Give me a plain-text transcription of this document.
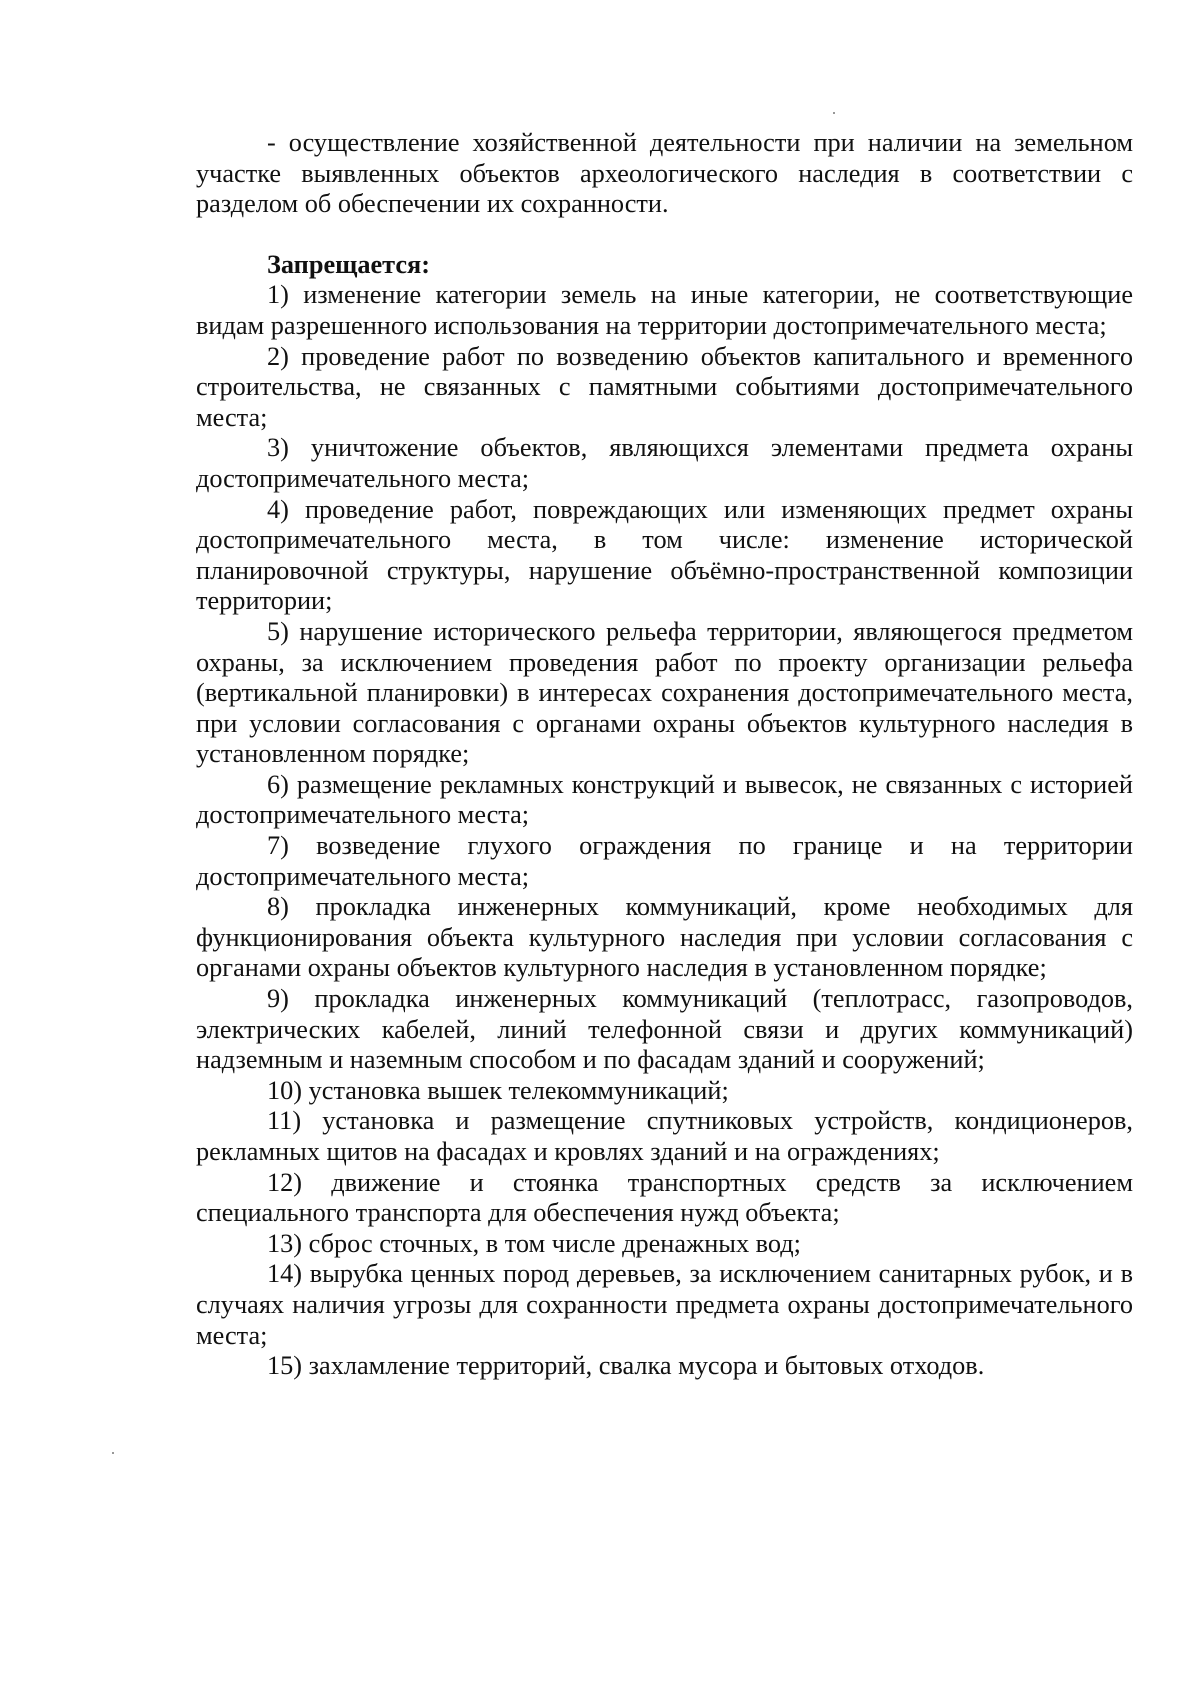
- осуществление хозяйственной деятельности при наличии на земельном участке выявленных объектов археологического наследия в соответствии с разделом об обеспечении их сохранности.

Запрещается:

1) изменение категории земель на иные категории, не соответствующие видам разрешенного использования на территории достопримечательного места;

2) проведение работ по возведению объектов капитального и временного строительства, не связанных с памятными событиями достопримечательного места;

3) уничтожение объектов, являющихся элементами предмета охраны достопримечательного места;

4) проведение работ, повреждающих или изменяющих предмет охраны достопримечательного места, в том числе: изменение исторической планировочной структуры, нарушение объёмно-пространственной композиции территории;

5) нарушение исторического рельефа территории, являющегося предметом охраны, за исключением проведения работ по проекту организации рельефа (вертикальной планировки) в интересах сохранения достопримечательного места, при условии согласования с органами охраны объектов культурного наследия в установленном порядке;

6) размещение рекламных конструкций и вывесок, не связанных с историей достопримечательного места;

7) возведение глухого ограждения по границе и на территории достопримечательного места;

8) прокладка инженерных коммуникаций, кроме необходимых для функционирования объекта культурного наследия при условии согласования с органами охраны объектов культурного наследия в установленном порядке;

9) прокладка инженерных коммуникаций (теплотрасс, газопроводов, электрических кабелей, линий телефонной связи и других коммуникаций) надземным и наземным способом и по фасадам зданий и сооружений;

10) установка вышек телекоммуникаций;

11) установка и размещение спутниковых устройств, кондиционеров, рекламных щитов на фасадах и кровлях зданий и на ограждениях;

12) движение и стоянка транспортных средств за исключением специального транспорта для обеспечения нужд объекта;

13) сброс сточных, в том числе дренажных вод;

14) вырубка ценных пород деревьев, за исключением санитарных рубок, и в случаях наличия угрозы для сохранности предмета охраны достопримечательного места;

15) захламление территорий, свалка мусора и бытовых отходов.
